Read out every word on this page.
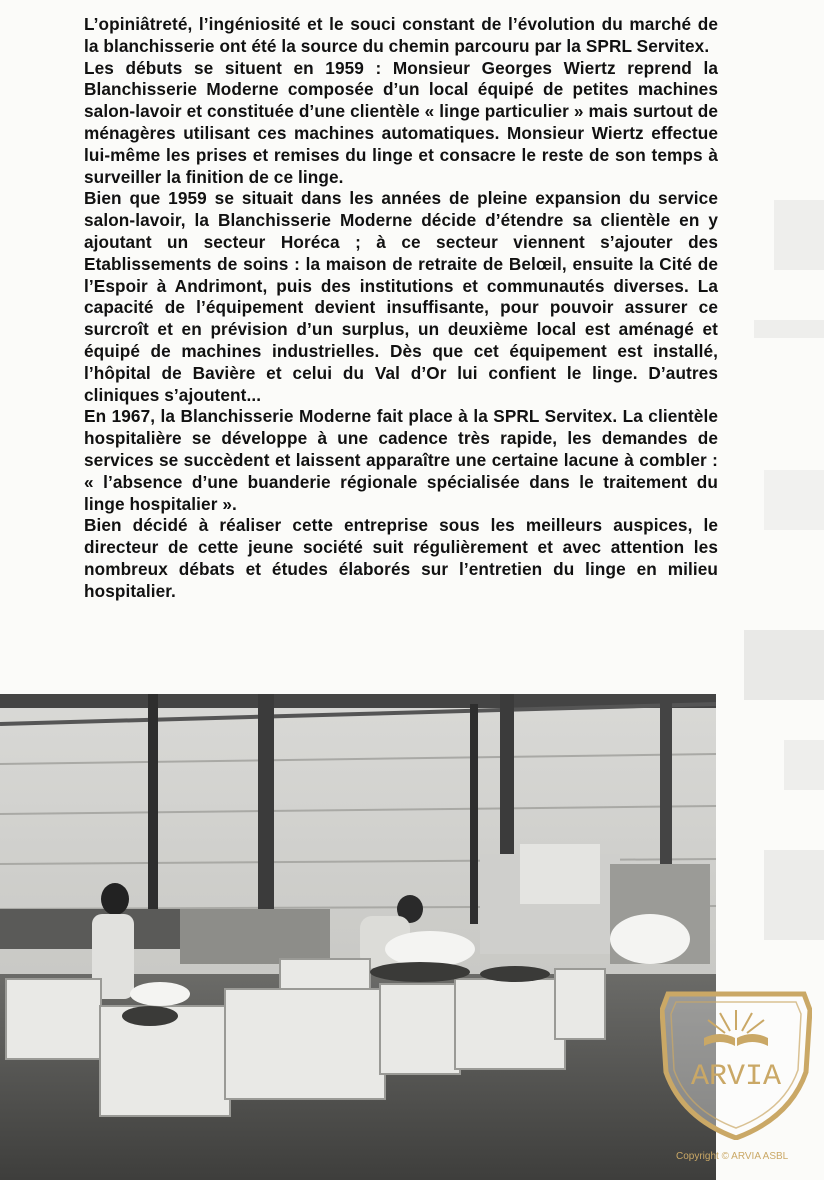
L’opiniâtreté, l’ingéniosité et le souci constant de l’évolution du marché de la blanchisserie ont été la source du chemin parcouru par la SPRL Servitex.

Les débuts se situent en 1959 : Monsieur Georges Wiertz reprend la Blanchisserie Moderne composée d’un local équipé de petites machines salon-lavoir et constituée d’une clientèle « linge particulier » mais surtout de ménagères utilisant ces machines automatiques. Monsieur Wiertz effectue lui-même les prises et remises du linge et consacre le reste de son temps à surveiller la finition de ce linge.

Bien que 1959 se situait dans les années de pleine expansion du service salon-lavoir, la Blanchisserie Moderne décide d’étendre sa clientèle en y ajoutant un secteur Horéca ; à ce secteur viennent s’ajouter des Etablissements de soins : la maison de retraite de Belœil, ensuite la Cité de l’Espoir à Andrimont, puis des institutions et communautés diverses. La capacité de l’équipement devient insuffisante, pour pouvoir assurer ce surcroît et en prévision d’un surplus, un deuxième local est aménagé et équipé de machines industrielles. Dès que cet équipement est installé, l’hôpital de Bavière et celui du Val d’Or lui confient le linge. D’autres cliniques s’ajoutent...

En 1967, la Blanchisserie Moderne fait place à la SPRL Servitex. La clientèle hospitalière se développe à une cadence très rapide, les demandes de services se succèdent et laissent apparaître une certaine lacune à combler : « l’absence d’une buanderie régionale spécialisée dans le traitement du linge hospitalier ».

Bien décidé à réaliser cette entreprise sous les meilleurs auspices, le directeur de cette jeune société suit régulièrement et avec attention les nombreux débats et études élaborés sur l’entretien du linge en milieu hospitalier.

ARVIA
Copyright © ARVIA ASBL
